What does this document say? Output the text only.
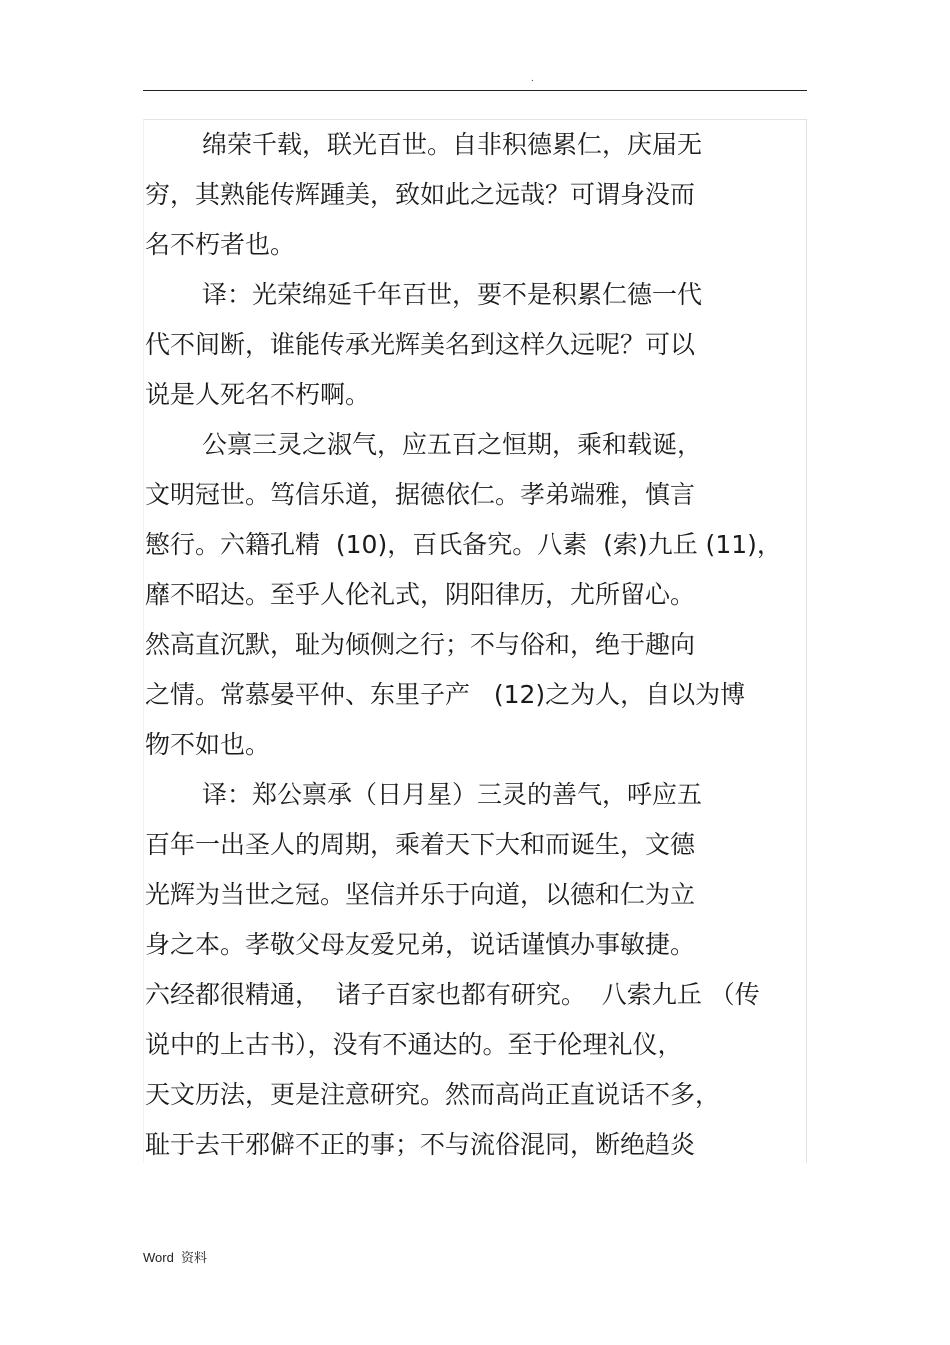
.
绵荣千载，联光百世。自非积德累仁，庆届无
穷，其熟能传辉踵美，致如此之远哉？可谓身没而
名不朽者也。
译：光荣绵延千年百世，要不是积累仁德一代
代不间断，谁能传承光辉美名到这样久远呢？可以
说是人死名不朽啊。
公禀三灵之淑气，应五百之恒期，乘和载诞，
文明冠世。笃信乐道，据德依仁。孝弟端雅，慎言
慜行。六籍孔精  (10)，百氏备究。八素  (索)九丘 (11)，
靡不昭达。至乎人伦礼式，阴阳律历，尤所留心。
然高直沉默，耻为倾侧之行；不与俗和，绝于趣向
之情。常慕晏平仲、东里子产   (12)之为人，自以为博
物不如也。
译：郑公禀承（日月星）三灵的善气，呼应五
百年一出圣人的周期，乘着天下大和而诞生，文德
光辉为当世之冠。坚信并乐于向道，以德和仁为立
身之本。孝敬父母友爱兄弟，说话谨慎办事敏捷。
六经都很精通，  诸子百家也都有研究。  八索九丘 （传
说中的上古书），没有不通达的。至于伦理礼仪，
天文历法，更是注意研究。然而高尚正直说话不多，
耻于去干邪僻不正的事；不与流俗混同，断绝趋炎
Word  资料
